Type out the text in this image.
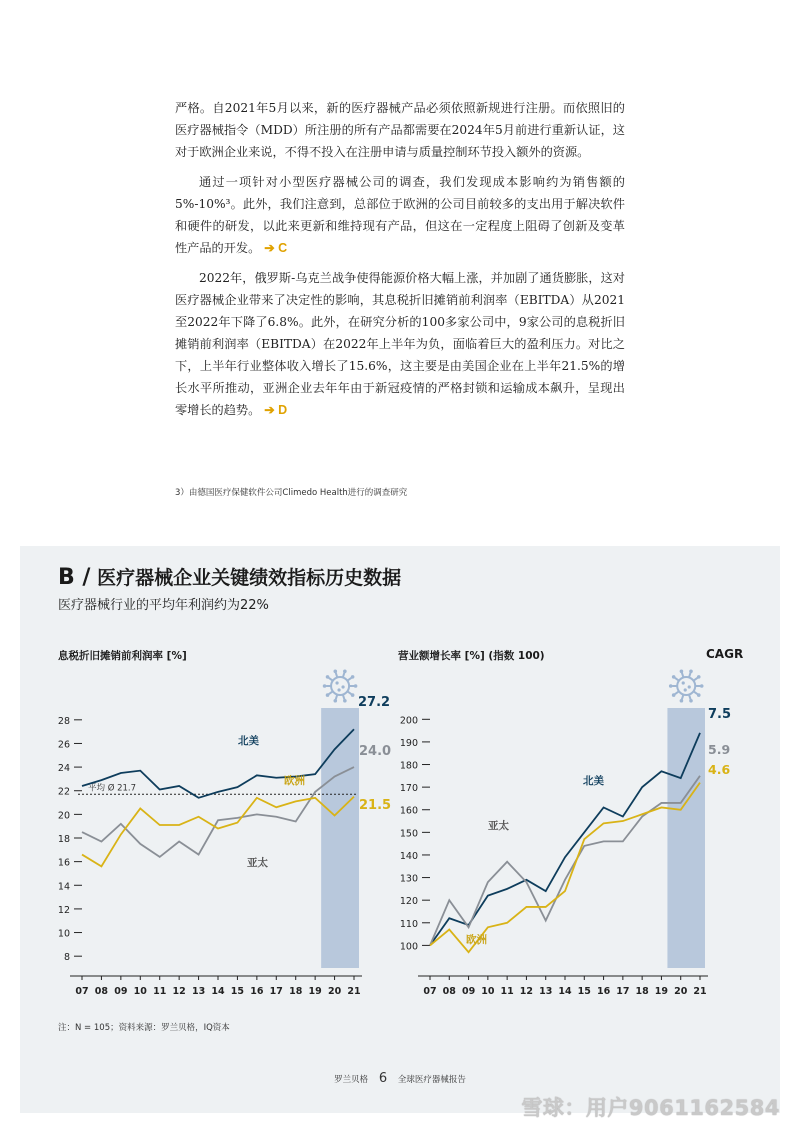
严格。自2021年5月以来，新的医疗器械产品必须依照新规进行注册。而依照旧的医疗器械指令（MDD）所注册的所有产品都需要在2024年5月前进行重新认证，这对于欧洲企业来说，不得不投入在注册申请与质量控制环节投入额外的资源。

通过一项针对小型医疗器械公司的调查，我们发现成本影响约为销售额的5%-10%³。此外，我们注意到，总部位于欧洲的公司目前较多的支出用于解决软件和硬件的研发，以此来更新和维持现有产品，但这在一定程度上阻碍了创新及变革性产品的开发。 ➔ C

2022年，俄罗斯-乌克兰战争使得能源价格大幅上涨，并加剧了通货膨胀，这对医疗器械企业带来了决定性的影响，其息税折旧摊销前利润率（EBITDA）从2021至2022年下降了6.8%。此外，在研究分析的100多家公司中，9家公司的息税折旧摊销前利润率（EBITDA）在2022年上半年为负，面临着巨大的盈利压力。对比之下，上半年行业整体收入增长了15.6%，这主要是由美国企业在上半年21.5%的增长水平所推动，亚洲企业去年年由于新冠疫情的严格封锁和运输成本飙升，呈现出零增长的趋势。 ➔ D

3）由德国医疗保健软件公司Climedo Health进行的调查研究
B / 医疗器械企业关键绩效指标历史数据
医疗器械行业的平均年利润约为22%
息税折旧摊销前利润率 [%]	营业额增长率 [%] (指数 100)	CAGR
8
10
12
14
16
18
20
22
24
26
28
07 08 09 10 11 12 13 14 15 16 17 18 19 20 21
平均 Ø 21.7
北美
欧洲
亚太
27.2
24.0
21.5
100
110
120
130
140
150
160
170
180
190
200
07 08 09 10 11 12 13 14 15 16 17 18 19 20 21
北美
亚太
欧洲
7.5
5.9
4.6
注：N = 105；资料来源：罗兰贝格，IQ资本
罗兰贝格 6 全球医疗器械报告
雪球：用户9061162584
